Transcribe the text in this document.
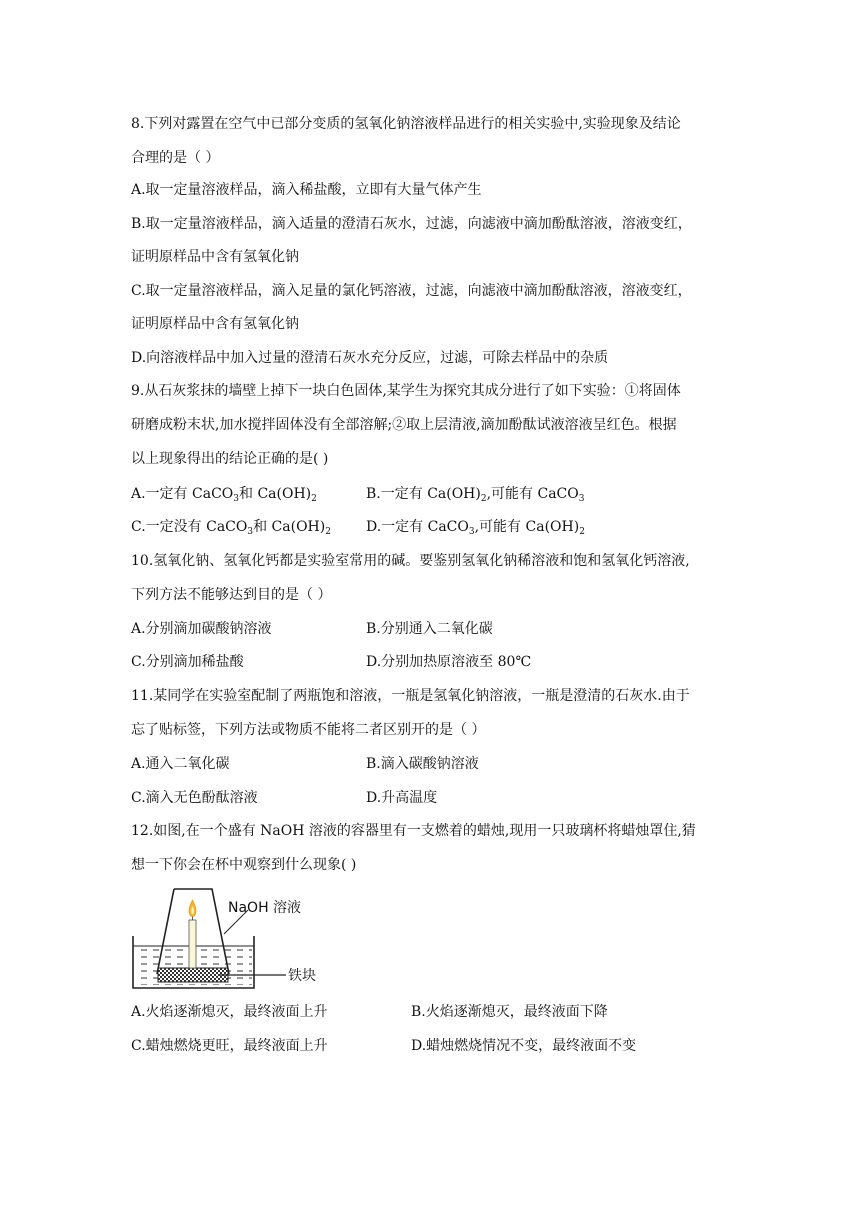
8.下列对露置在空气中已部分变质的氢氧化钠溶液样品进行的相关实验中,实验现象及结论
合理的是（ ）
A.取一定量溶液样品，滴入稀盐酸，立即有大量气体产生
B.取一定量溶液样品，滴入适量的澄清石灰水，过滤，向滤液中滴加酚酞溶液，溶液变红，
证明原样品中含有氢氧化钠
C.取一定量溶液样品，滴入足量的氯化钙溶液，过滤，向滤液中滴加酚酞溶液，溶液变红，
证明原样品中含有氢氧化钠
D.向溶液样品中加入过量的澄清石灰水充分反应，过滤，可除去样品中的杂质
9.从石灰浆抹的墙壁上掉下一块白色固体,某学生为探究其成分进行了如下实验：①将固体
研磨成粉末状,加水搅拌固体没有全部溶解;②取上层清液,滴加酚酞试液溶液呈红色。根据
以上现象得出的结论正确的是( )
A.一定有 CaCO$_3$和 $Ca(OH)_2$	B.一定有 $Ca(OH)_2$,可能有 CaCO$_3$
C.一定没有 CaCO$_3$和 $Ca(OH)_2$	D.一定有 CaCO$_3$,可能有 $Ca(OH)_2$
10.氢氧化钠、氢氧化钙都是实验室常用的碱。要鉴别氢氧化钠稀溶液和饱和氢氧化钙溶液,
下列方法不能够达到目的是（ ）
A.分别滴加碳酸钠溶液	B.分别通入二氧化碳
C.分别滴加稀盐酸	D.分别加热原溶液至 80℃
11.某同学在实验室配制了两瓶饱和溶液，一瓶是氢氧化钠溶液，一瓶是澄清的石灰水.由于
忘了贴标签，下列方法或物质不能将二者区别开的是（ ）
A.通入二氧化碳	B.滴入碳酸钠溶液
C.滴入无色酚酞溶液	D.升高温度
12.如图,在一个盛有 NaOH 溶液的容器里有一支燃着的蜡烛,现用一只玻璃杯将蜡烛罩住,猜
想一下你会在杯中观察到什么现象( )
NaOH 溶液
铁块
A.火焰逐渐熄灭，最终液面上升	B.火焰逐渐熄灭，最终液面下降
C.蜡烛燃烧更旺，最终液面上升	D.蜡烛燃烧情况不变，最终液面不变
